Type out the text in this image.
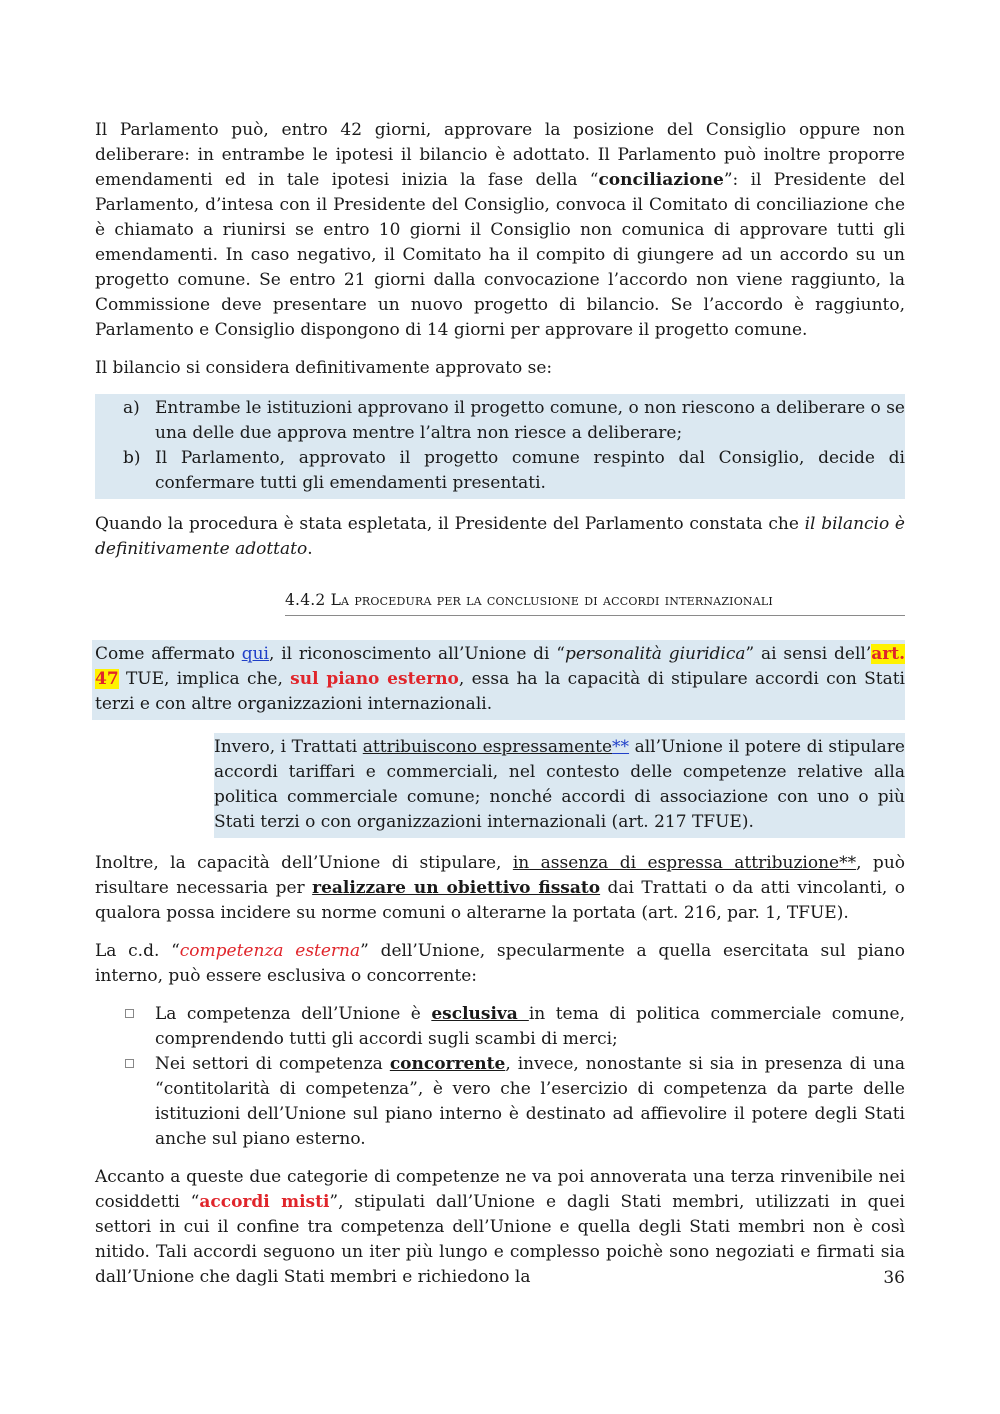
Il Parlamento può, entro 42 giorni, approvare la posizione del Consiglio oppure non deliberare: in entrambe le ipotesi il bilancio è adottato. Il Parlamento può inoltre proporre emendamenti ed in tale ipotesi inizia la fase della “conciliazione”: il Presidente del Parlamento, d’intesa con il Presidente del Consiglio, convoca il Comitato di conciliazione che è chiamato a riunirsi se entro 10 giorni il Consiglio non comunica di approvare tutti gli emendamenti. In caso negativo, il Comitato ha il compito di giungere ad un accordo su un progetto comune. Se entro 21 giorni dalla convocazione l’accordo non viene raggiunto, la Commissione deve presentare un nuovo progetto di bilancio. Se l’accordo è raggiunto, Parlamento e Consiglio dispongono di 14 giorni per approvare il progetto comune.

Il bilancio si considera definitivamente approvato se:

a) Entrambe le istituzioni approvano il progetto comune, o non riescono a deliberare o se una delle due approva mentre l’altra non riesce a deliberare;
b) Il Parlamento, approvato il progetto comune respinto dal Consiglio, decide di confermare tutti gli emendamenti presentati.

Quando la procedura è stata espletata, il Presidente del Parlamento constata che il bilancio è definitivamente adottato.

4.4.2 La procedura per la conclusione di accordi internazionali

Come affermato qui, il riconoscimento all’Unione di “personalità giuridica” ai sensi dell’art. 47 TUE, implica che, sul piano esterno, essa ha la capacità di stipulare accordi con Stati terzi e con altre organizzazioni internazionali.

Invero, i Trattati attribuiscono espressamente** all’Unione il potere di stipulare accordi tariffari e commerciali, nel contesto delle competenze relative alla politica commerciale comune; nonché accordi di associazione con uno o più Stati terzi o con organizzazioni internazionali (art. 217 TFUE).

Inoltre, la capacità dell’Unione di stipulare, in assenza di espressa attribuzione**, può risultare necessaria per realizzare un obiettivo fissato dai Trattati o da atti vincolanti, o qualora possa incidere su norme comuni o alterarne la portata (art. 216, par. 1, TFUE).

La c.d. “competenza esterna” dell’Unione, specularmente a quella esercitata sul piano interno, può essere esclusiva o concorrente:

La competenza dell’Unione è esclusiva in tema di politica commerciale comune, comprendendo tutti gli accordi sugli scambi di merci;
Nei settori di competenza concorrente, invece, nonostante si sia in presenza di una “contitolarità di competenza”, è vero che l’esercizio di competenza da parte delle istituzioni dell’Unione sul piano interno è destinato ad affievolire il potere degli Stati anche sul piano esterno.

Accanto a queste due categorie di competenze ne va poi annoverata una terza rinvenibile nei cosiddetti “accordi misti”, stipulati dall’Unione e dagli Stati membri, utilizzati in quei settori in cui il confine tra competenza dell’Unione e quella degli Stati membri non è così nitido. Tali accordi seguono un iter più lungo e complesso poichè sono negoziati e firmati sia dall’Unione che dagli Stati membri e richiedono la	36
